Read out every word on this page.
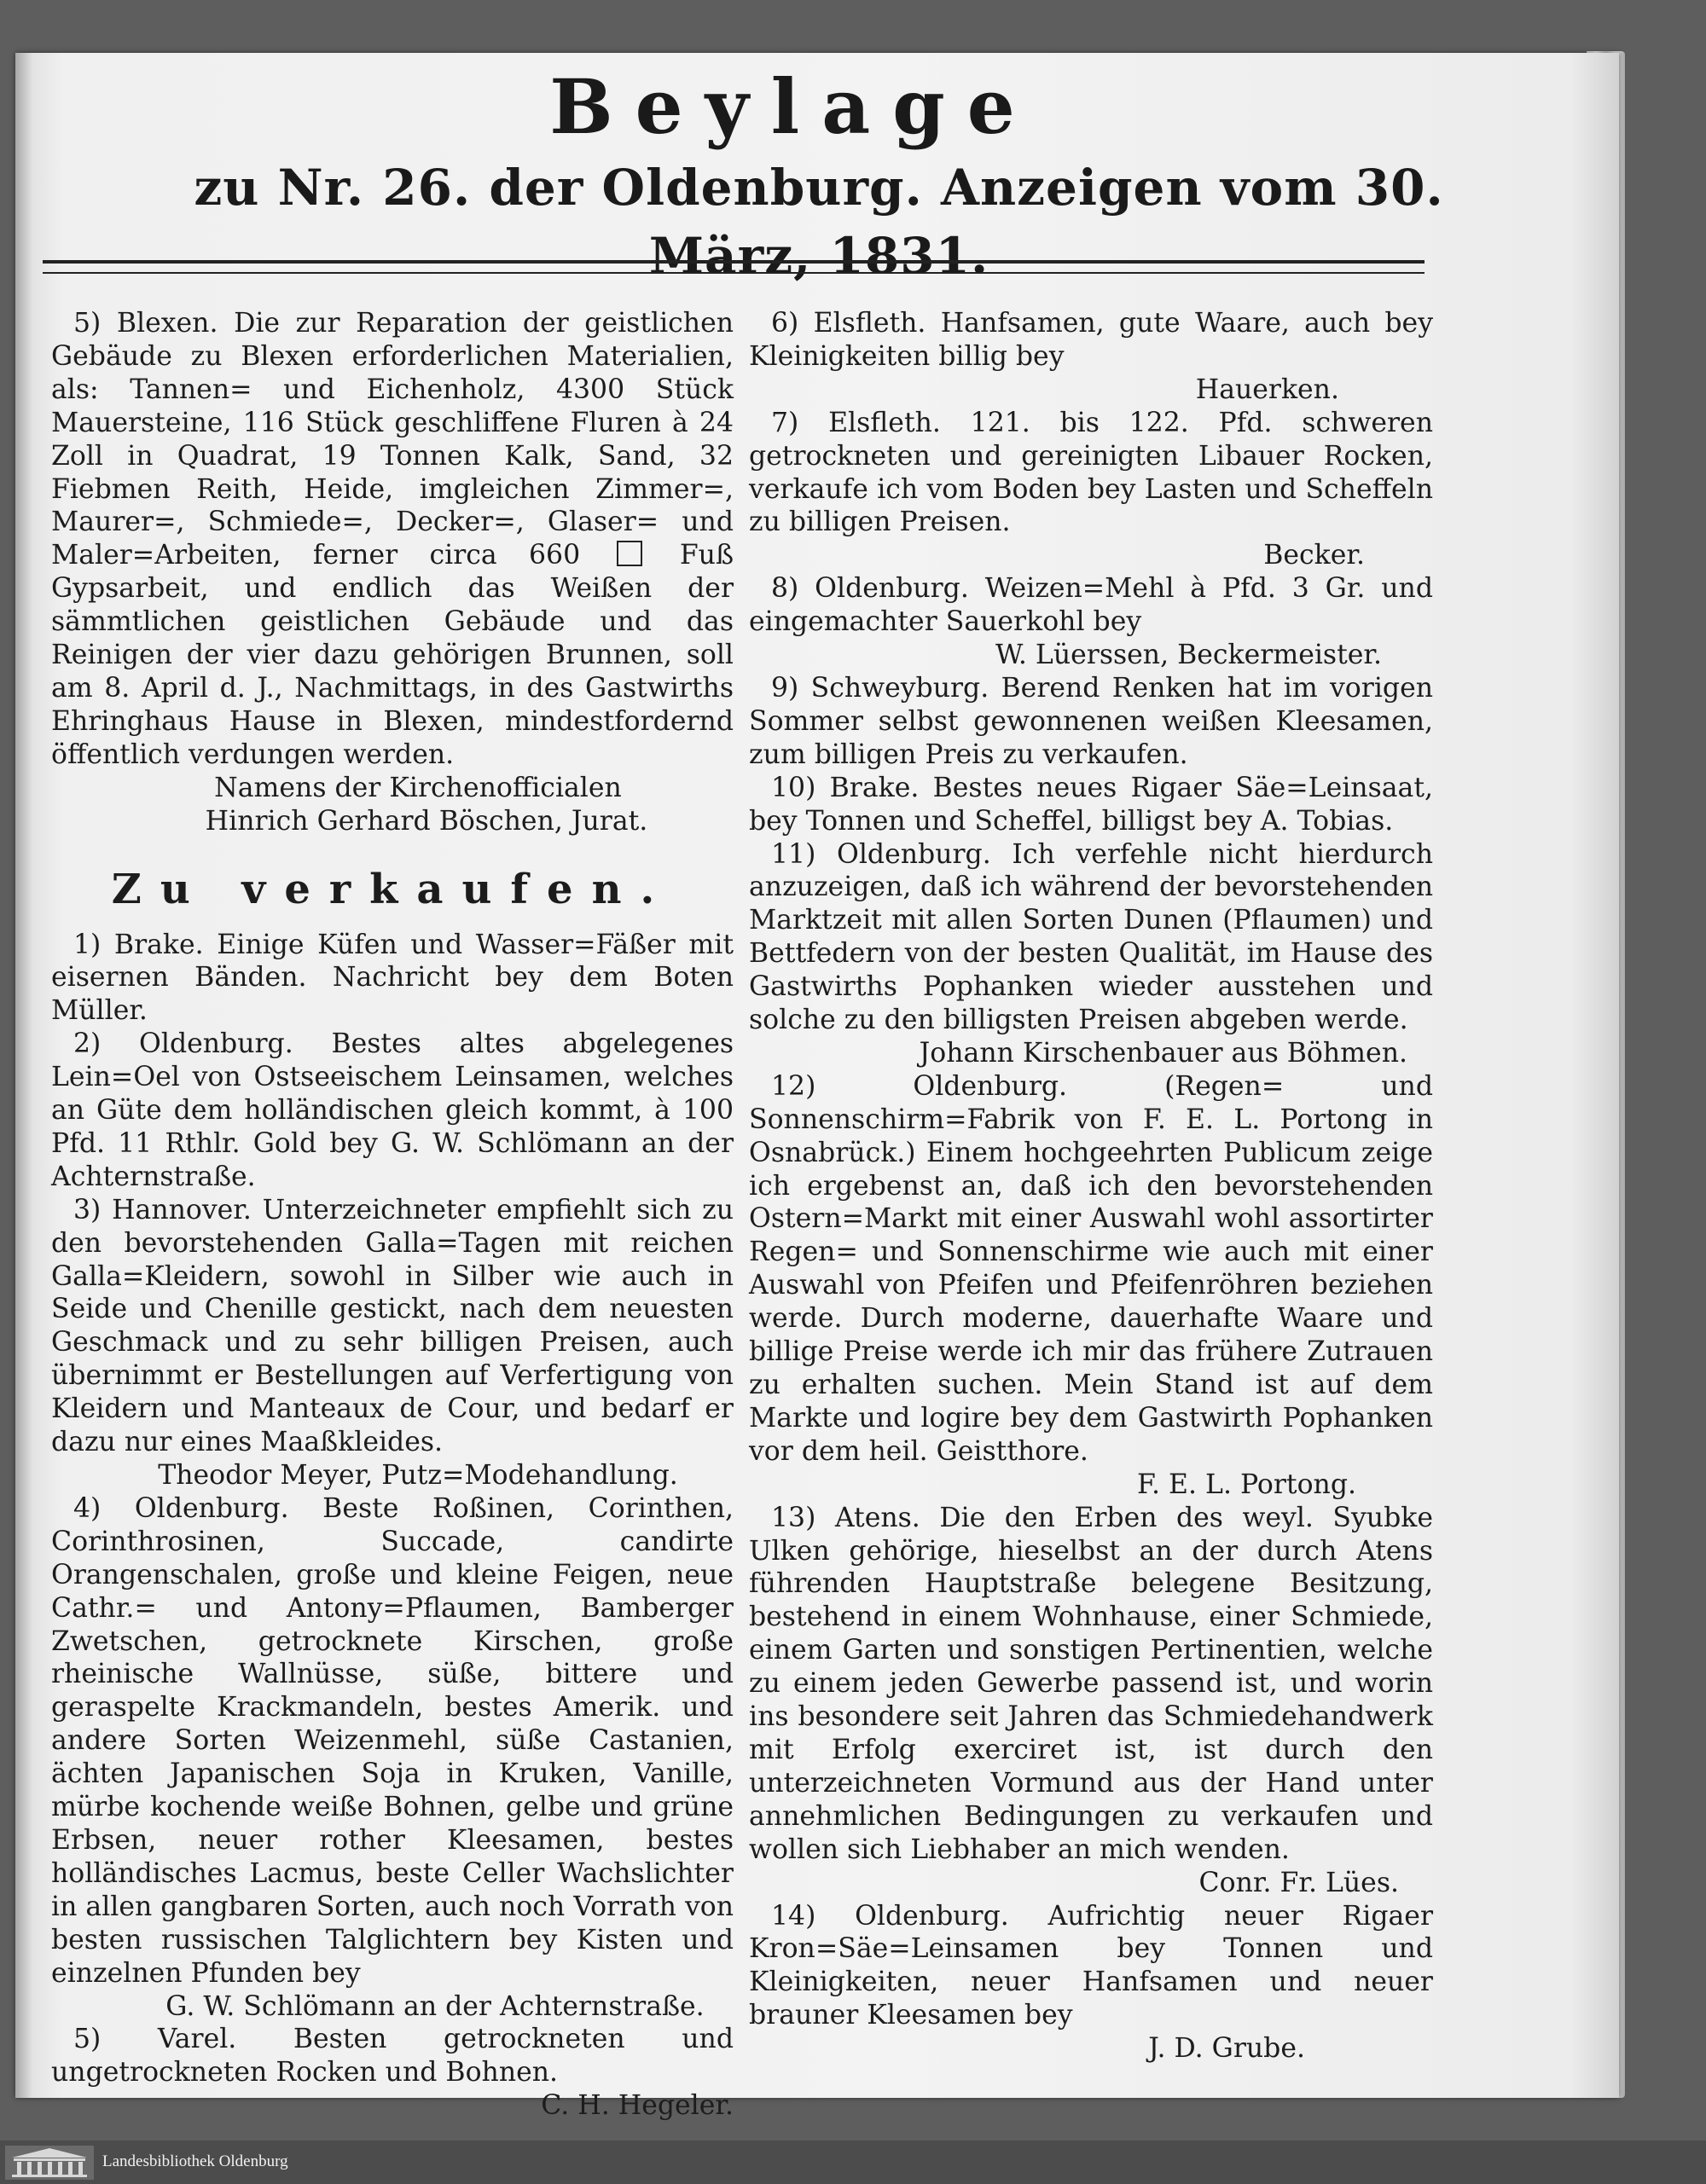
Beylage
zu Nr. 26. der Oldenburg. Anzeigen vom 30. März, 1831.

5) Blexen. Die zur Reparation der geistlichen Gebäude zu Blexen erforderlichen Materialien, als: Tannen= und Eichenholz, 4300 Stück Mauersteine, 116 Stück geschliffene Fluren à 24 Zoll in Quadrat, 19 Tonnen Kalk, Sand, 32 Fiebmen Reith, Heide, imgleichen Zimmer=, Maurer=, Schmiede=, Decker=, Glaser= und Maler=Arbeiten, ferner circa 660	Fuß Gypsarbeit, und endlich das Weißen der sämmtlichen geistlichen Gebäude und das Reinigen der vier dazu gehörigen Brunnen, soll am 8. April d. J., Nachmittags, in des Gastwirths Ehringhaus Hause in Blexen, mindestfordernd öffentlich verdungen werden.

Namens der Kirchenofficialen

Hinrich Gerhard Böschen, Jurat.

Zu verkaufen.

1) Brake. Einige Küfen und Wasser=Fäßer mit eisernen Bänden. Nachricht bey dem Boten Müller.

2) Oldenburg. Bestes altes abgelegenes Lein=Oel von Ostseeischem Leinsamen, welches an Güte dem holländischen gleich kommt, à 100 Pfd. 11 Rthlr. Gold bey G. W. Schlömann an der Achternstraße.

3) Hannover. Unterzeichneter empfiehlt sich zu den bevorstehenden Galla=Tagen mit reichen Galla=Kleidern, sowohl in Silber wie auch in Seide und Chenille gestickt, nach dem neuesten Geschmack und zu sehr billigen Preisen, auch übernimmt er Bestellungen auf Verfertigung von Kleidern und Manteaux de Cour, und bedarf er dazu nur eines Maaßkleides.

Theodor Meyer, Putz=Modehandlung.

4) Oldenburg. Beste Roßinen, Corinthen, Corinthrosinen, Succade, candirte Orangenschalen, große und kleine Feigen, neue Cathr.= und Antony=Pflaumen, Bamberger Zwetschen, getrocknete Kirschen, große rheinische Wallnüsse, süße, bittere und geraspelte Krackmandeln, bestes Amerik. und andere Sorten Weizenmehl, süße Castanien, ächten Japanischen Soja in Kruken, Vanille, mürbe kochende weiße Bohnen, gelbe und grüne Erbsen, neuer rother Kleesamen, bestes holländisches Lacmus, beste Celler Wachslichter in allen gangbaren Sorten, auch noch Vorrath von besten russischen Talglichtern bey Kisten und einzelnen Pfunden bey

G. W. Schlömann an der Achternstraße.

5) Varel. Besten getrockneten und ungetrockneten Rocken und Bohnen.

C. H. Hegeler.

6) Elsfleth. Hanfsamen, gute Waare, auch bey Kleinigkeiten billig bey

Hauerken.

7) Elsfleth. 121. bis 122. Pfd. schweren getrockneten und gereinigten Libauer Rocken, verkaufe ich vom Boden bey Lasten und Scheffeln zu billigen Preisen.

Becker.

8) Oldenburg. Weizen=Mehl à Pfd. 3 Gr. und eingemachter Sauerkohl bey

W. Lüerssen, Beckermeister.

9) Schweyburg. Berend Renken hat im vorigen Sommer selbst gewonnenen weißen Kleesamen, zum billigen Preis zu verkaufen.

10) Brake. Bestes neues Rigaer Säe=Leinsaat, bey Tonnen und Scheffel, billigst bey A. Tobias.

11) Oldenburg. Ich verfehle nicht hierdurch anzuzeigen, daß ich während der bevorstehenden Marktzeit mit allen Sorten Dunen (Pflaumen) und Bettfedern von der besten Qualität, im Hause des Gastwirths Pophanken wieder ausstehen und solche zu den billigsten Preisen abgeben werde.

Johann Kirschenbauer aus Böhmen.

12) Oldenburg. (Regen= und Sonnenschirm=Fabrik von F. E. L. Portong in Osnabrück.) Einem hochgeehrten Publicum zeige ich ergebenst an, daß ich den bevorstehenden Ostern=Markt mit einer Auswahl wohl assortirter Regen= und Sonnenschirme wie auch mit einer Auswahl von Pfeifen und Pfeifenröhren beziehen werde. Durch moderne, dauerhafte Waare und billige Preise werde ich mir das frühere Zutrauen zu erhalten suchen. Mein Stand ist auf dem Markte und logire bey dem Gastwirth Pophanken vor dem heil. Geistthore.

F. E. L. Portong.

13) Atens. Die den Erben des weyl. Syubke Ulken gehörige, hieselbst an der durch Atens führenden Hauptstraße belegene Besitzung, bestehend in einem Wohnhause, einer Schmiede, einem Garten und sonstigen Pertinentien, welche zu einem jeden Gewerbe passend ist, und worin ins besondere seit Jahren das Schmiedehandwerk mit Erfolg exerciret ist, ist durch den unterzeichneten Vormund aus der Hand unter annehmlichen Bedingungen zu verkaufen und wollen sich Liebhaber an mich wenden.

Conr. Fr. Lües.

14) Oldenburg. Aufrichtig neuer Rigaer Kron=Säe=Leinsamen bey Tonnen und Kleinigkeiten, neuer Hanfsamen und neuer brauner Kleesamen bey

J. D. Grube.

Landesbibliothek Oldenburg
